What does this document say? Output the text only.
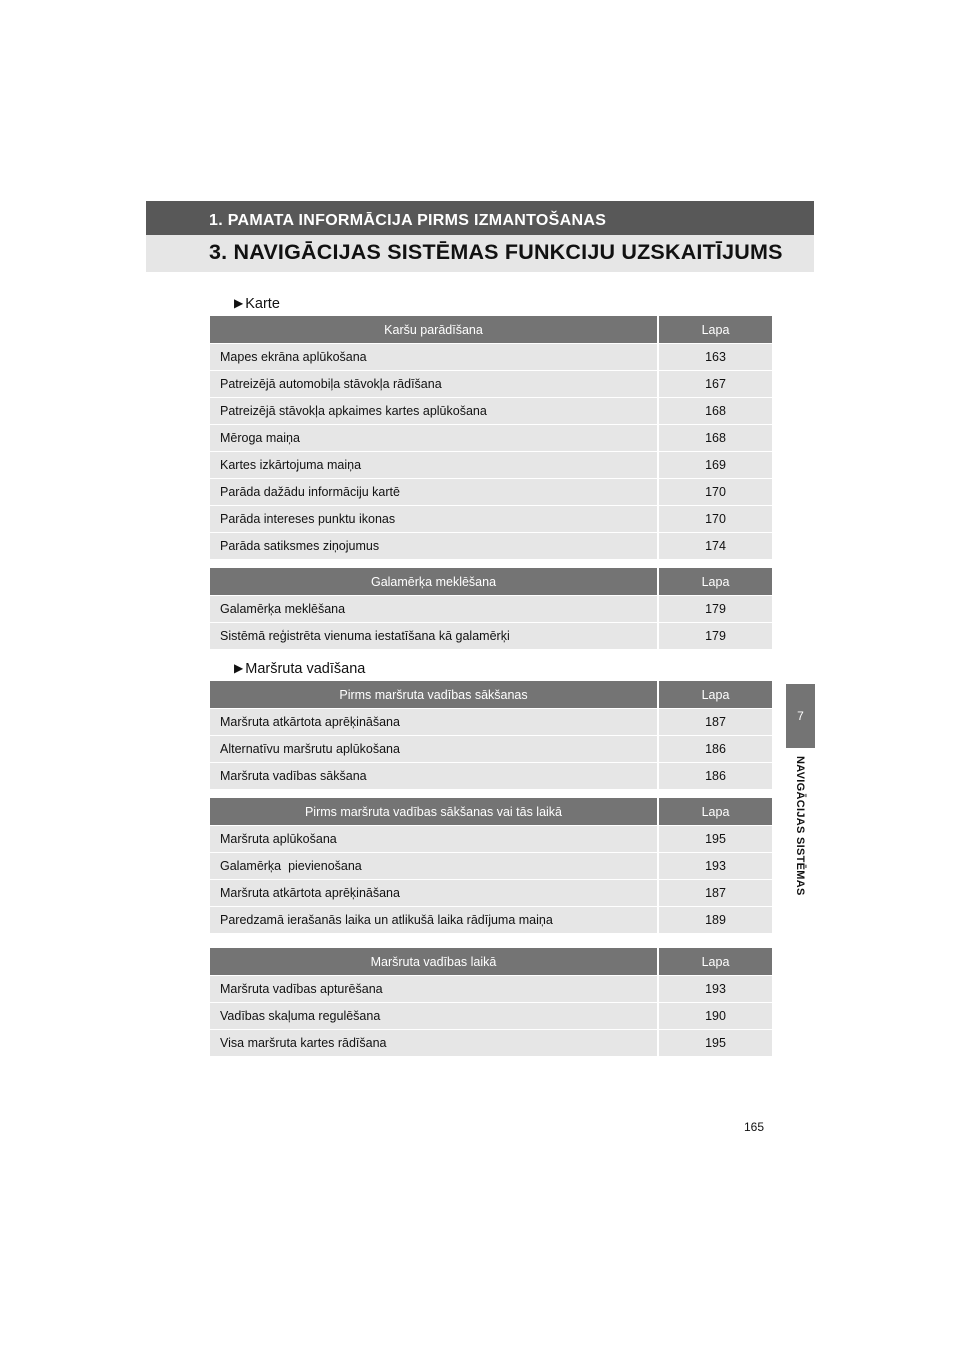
1. PAMATA INFORMĀCIJA PIRMS IZMANTOŠANAS
3. NAVIGĀCIJAS SISTĒMAS FUNKCIJU UZSKAITĪJUMS
▶ Karte
Karšu parādīšana	Lapa
Mapes ekrāna aplūkošana	163
Patreizējā automobiļa stāvokļa rādīšana	167
Patreizējā stāvokļa apkaimes kartes aplūkošana	168
Mēroga maiņa	168
Kartes izkārtojuma maiņa	169
Parāda dažādu informāciju kartē	170
Parāda intereses punktu ikonas	170
Parāda satiksmes ziņojumus	174
Galamērķa meklēšana	Lapa
Galamērķa meklēšana	179
Sistēmā reģistrēta vienuma iestatīšana kā galamērķi	179
▶ Maršruta vadīšana
Pirms maršruta vadības sākšanas	Lapa
Maršruta atkārtota aprēķināšana	187
Alternatīvu maršrutu aplūkošana	186
Maršruta vadības sākšana	186
Pirms maršruta vadības sākšanas vai tās laikā	Lapa
Maršruta aplūkošana	195
Galamērķa  pievienošana	193
Maršruta atkārtota aprēķināšana	187
Paredzamā ierašanās laika un atlikušā laika rādījuma maiņa	189
Maršruta vadības laikā	Lapa
Maršruta vadības apturēšana	193
Vadības skaļuma regulēšana	190
Visa maršruta kartes rādīšana	195
7
NAVIGĀCIJAS SISTĒMAS
165
